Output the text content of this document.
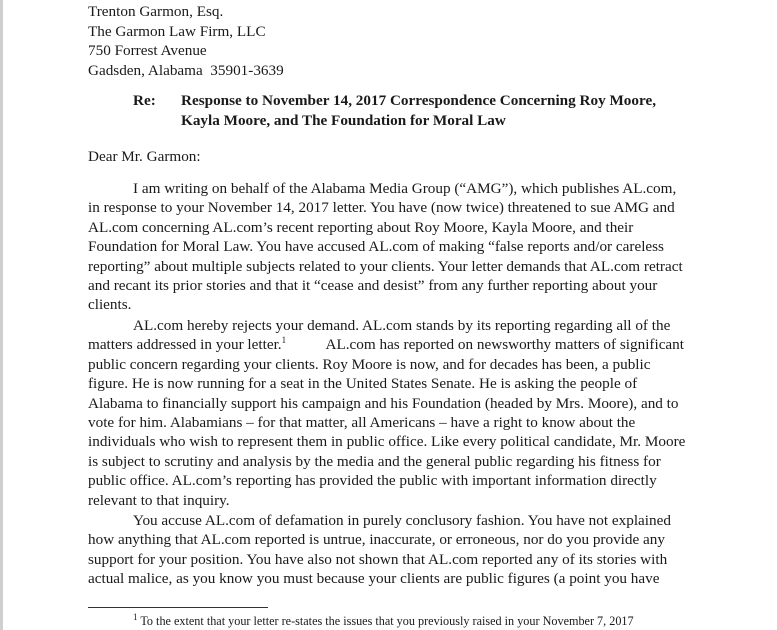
Trenton Garmon, Esq.
The Garmon Law Firm, LLC
750 Forrest Avenue
Gadsden, Alabama  35901-3639
Re: Response to November 14, 2017 Correspondence Concerning Roy Moore,
Kayla Moore, and The Foundation for Moral Law
Dear Mr. Garmon:
I am writing on behalf of the Alabama Media Group (“AMG”), which publishes AL.com,
in response to your November 14, 2017 letter. You have (now twice) threatened to sue AMG and
AL.com concerning AL.com’s recent reporting about Roy Moore, Kayla Moore, and their
Foundation for Moral Law. You have accused AL.com of making “false reports and/or careless
reporting” about multiple subjects related to your clients. Your letter demands that AL.com retract
and recant its prior stories and that it “cease and desist” from any further reporting about your
clients.
AL.com hereby rejects your demand. AL.com stands by its reporting regarding all of the
matters addressed in your letter.$^1$	AL.com has reported on newsworthy matters of significant
public concern regarding your clients. Roy Moore is now, and for decades has been, a public
figure. He is now running for a seat in the United States Senate. He is asking the people of
Alabama to financially support his campaign and his Foundation (headed by Mrs. Moore), and to
vote for him. Alabamians – for that matter, all Americans – have a right to know about the
individuals who wish to represent them in public office. Like every political candidate, Mr. Moore
is subject to scrutiny and analysis by the media and the general public regarding his fitness for
public office. AL.com’s reporting has provided the public with important information directly
relevant to that inquiry.
You accuse AL.com of defamation in purely conclusory fashion. You have not explained
how anything that AL.com reported is untrue, inaccurate, or erroneous, nor do you provide any
support for your position. You have also not shown that AL.com reported any of its stories with
actual malice, as you know you must because your clients are public figures (a point you have
$^1$ To the extent that your letter re-states the issues that you previously raised in your November 7, 2017
